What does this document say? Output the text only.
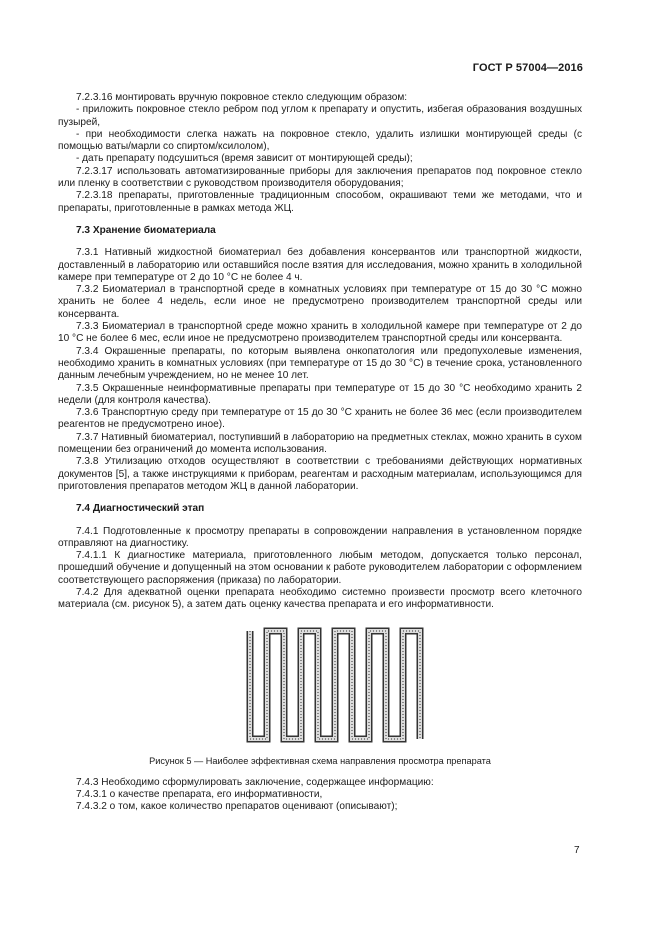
ГОСТ Р 57004—2016

7.2.3.16 монтировать вручную покровное стекло следующим образом:

- приложить покровное стекло ребром под углом к препарату и опустить, избегая образования воздушных пузырей,

- при необходимости слегка нажать на покровное стекло, удалить излишки монтирующей среды (с помощью ваты/марли со спиртом/ксилолом),

- дать препарату подсушиться (время зависит от монтирующей среды);

7.2.3.17 использовать автоматизированные приборы для заключения препаратов под покровное стекло или пленку в соответствии с руководством производителя оборудования;

7.2.3.18 препараты, приготовленные традиционным способом, окрашивают теми же методами, что и препараты, приготовленные в рамках метода ЖЦ.

7.3 Хранение биоматериала

7.3.1 Нативный жидкостной биоматериал без добавления консервантов или транспортной жидкости, доставленный в лабораторию или оставшийся после взятия для исследования, можно хранить в холодильной камере при температуре от 2 до 10 °C не более 4 ч.

7.3.2 Биоматериал в транспортной среде в комнатных условиях при температуре от 15 до 30 °C можно хранить не более 4 недель, если иное не предусмотрено производителем транспортной среды или консерванта.

7.3.3 Биоматериал в транспортной среде можно хранить в холодильной камере при температуре от 2 до 10 °C не более 6 мес, если иное не предусмотрено производителем транспортной среды или консерванта.

7.3.4 Окрашенные препараты, по которым выявлена онкопатология или предопухолевые изменения, необходимо хранить в комнатных условиях (при температуре от 15 до 30 °C) в течение срока, установленного данным лечебным учреждением, но не менее 10 лет.

7.3.5 Окрашенные неинформативные препараты при температуре от 15 до 30 °C необходимо хранить 2 недели (для контроля качества).

7.3.6 Транспортную среду при температуре от 15 до 30 °C хранить не более 36 мес (если производителем реагентов не предусмотрено иное).

7.3.7 Нативный биоматериал, поступивший в лабораторию на предметных стеклах, можно хранить в сухом помещении без ограничений до момента использования.

7.3.8 Утилизацию отходов осуществляют в соответствии с требованиями действующих нормативных документов [5], а также инструкциями к приборам, реагентам и расходным материалам, использующимся для приготовления препаратов методом ЖЦ в данной лаборатории.

7.4 Диагностический этап

7.4.1 Подготовленные к просмотру препараты в сопровождении направления в установленном порядке отправляют на диагностику.

7.4.1.1 К диагностике материала, приготовленного любым методом, допускается только персонал, прошедший обучение и допущенный на этом основании к работе руководителем лаборатории с оформлением соответствующего распоряжения (приказа) по лаборатории.

7.4.2 Для адекватной оценки препарата необходимо системно произвести просмотр всего клеточного материала (см. рисунок 5), а затем дать оценку качества препарата и его информативности.

Рисунок 5 — Наиболее эффективная схема направления просмотра препарата

7.4.3 Необходимо сформулировать заключение, содержащее информацию:

7.4.3.1 о качестве препарата, его информативности,

7.4.3.2 о том, какое количество препаратов оценивают (описывают);

7
